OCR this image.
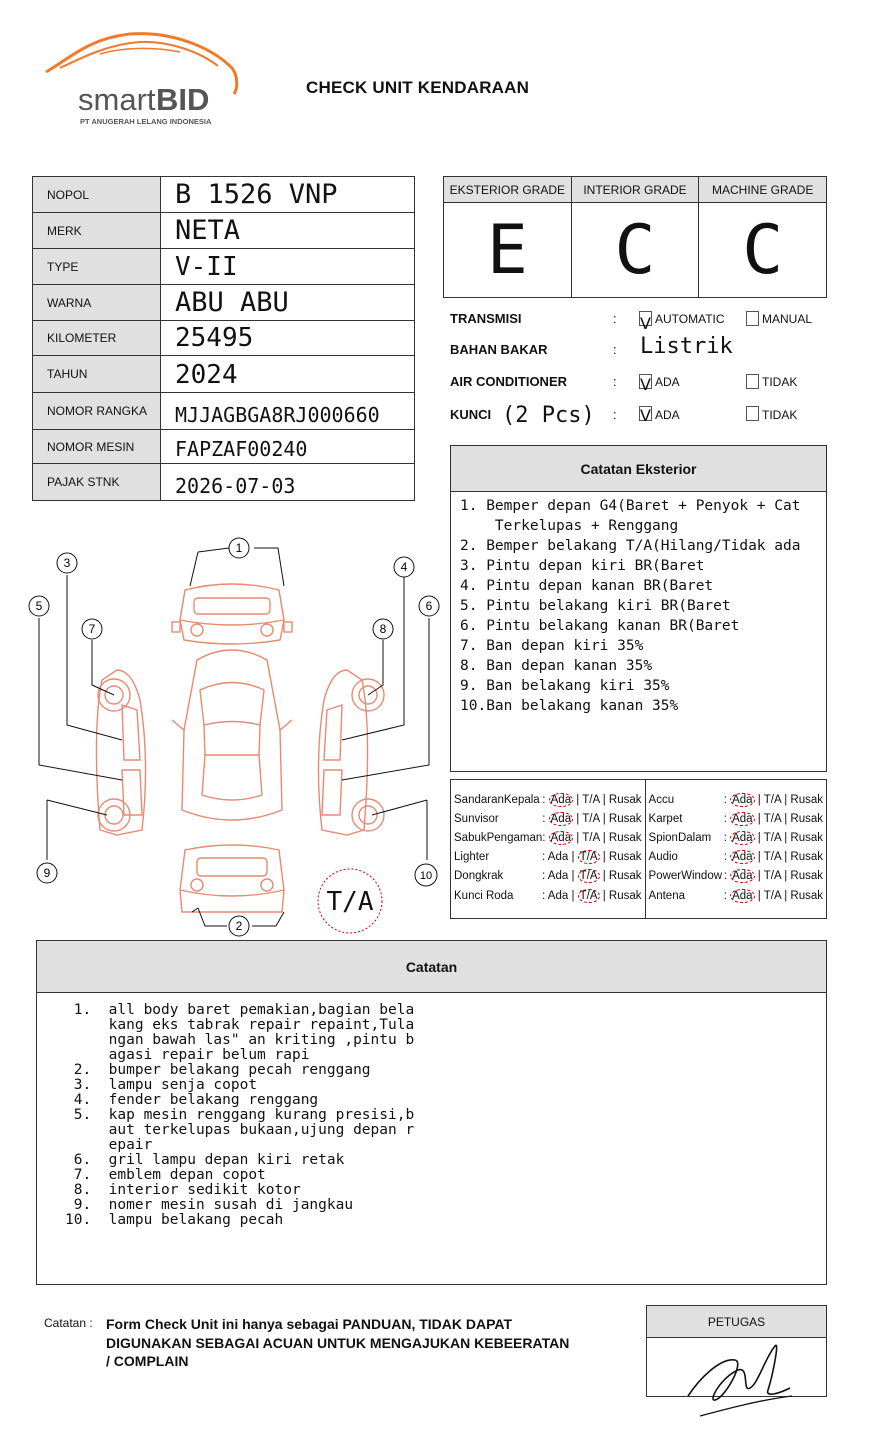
smart BID
PT ANUGERAH LELANG INDONESIA
CHECK UNIT KENDARAAN
NOPOL	B 1526 VNP
MERK	NETA
TYPE	V-II
WARNA	ABU ABU
KILOMETER	25495
TAHUN	2024
NOMOR RANGKA	MJJAGBGA8RJ000660
NOMOR MESIN	FAPZAF00240
PAJAK STNK	2026-07-03
EKSTERIOR GRADE
E
INTERIOR GRADE
C
MACHINE GRADE
C
TRANSMISI	: V AUTOMATIC	MANUAL
BAHAN BAKAR	: Listrik
AIR CONDITIONER	: V ADA	TIDAK
KUNCI (2 Pcs) : V ADA	TIDAK
Catatan Eksterior
1. Bemper depan G4(Baret + Penyok + Cat
Terkelupas + Renggang
2. Bemper belakang T/A(Hilang/Tidak ada
3. Pintu depan kiri BR(Baret
4. Pintu depan kanan BR(Baret
5. Pintu belakang kiri BR(Baret
6. Pintu belakang kanan BR(Baret
7. Ban depan kiri 35%
8. Ban depan kanan 35%
9. Ban belakang kiri 35%
10.Ban belakang kanan 35%
SandaranKepala : Ada | T/A | Rusak
Sunvisor	: Ada | T/A | Rusak
SabukPengaman : Ada | T/A | Rusak
Lighter	: Ada | T/A | Rusak
Dongkrak	: Ada | T/A | Rusak
Kunci Roda : Ada | T/A | Rusak
Accu	: Ada | T/A | Rusak
Karpet	: Ada | T/A | Rusak
SpionDalam : Ada | T/A | Rusak
Audio	: Ada | T/A | Rusak
PowerWindow : Ada | T/A | Rusak
Antena	: Ada | T/A | Rusak
1
2
3	4
5	6
7	8
9	10
T/A
Catatan
1.  all body baret pemakian,bagian bela
kang eks tabrak repair repaint,Tula
ngan bawah las" an kriting ,pintu b
agasi repair belum rapi
2.  bumper belakang pecah renggang
3.  lampu senja copot
4.  fender belakang renggang
5.  kap mesin renggang kurang presisi,b
aut terkelupas bukaan,ujung depan r
epair
6.  gril lampu depan kiri retak
7.  emblem depan copot
8.  interior sedikit kotor
9.  nomer mesin susah di jangkau
10.  lampu belakang pecah
Catatan : Form Check Unit ini hanya sebagai PANDUAN, TIDAK DAPAT DIGUNAKAN SEBAGAI ACUAN UNTUK MENGAJUKAN KEBEERATAN / COMPLAIN
PETUGAS
